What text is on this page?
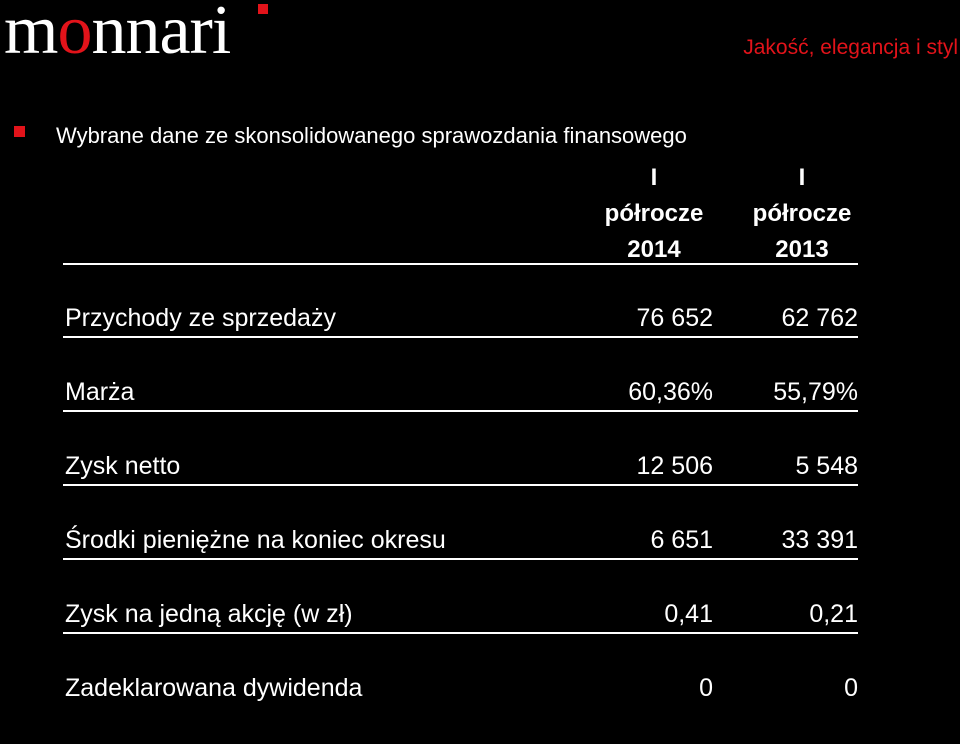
monnari	Jakość, elegancja i styl
Wybrane dane ze skonsolidowanego sprawozdania finansowego
I
półrocze
2014
I
półrocze
2013
Przychody ze sprzedaży	76 652	62 762
Marża	60,36% 55,79%
Zysk netto	12 506	5 548
Środki pieniężne na koniec okresu	6 651	33 391
Zysk na jedną akcję (w zł)	0,41	0,21
Zadeklarowana dywidenda	0	0
